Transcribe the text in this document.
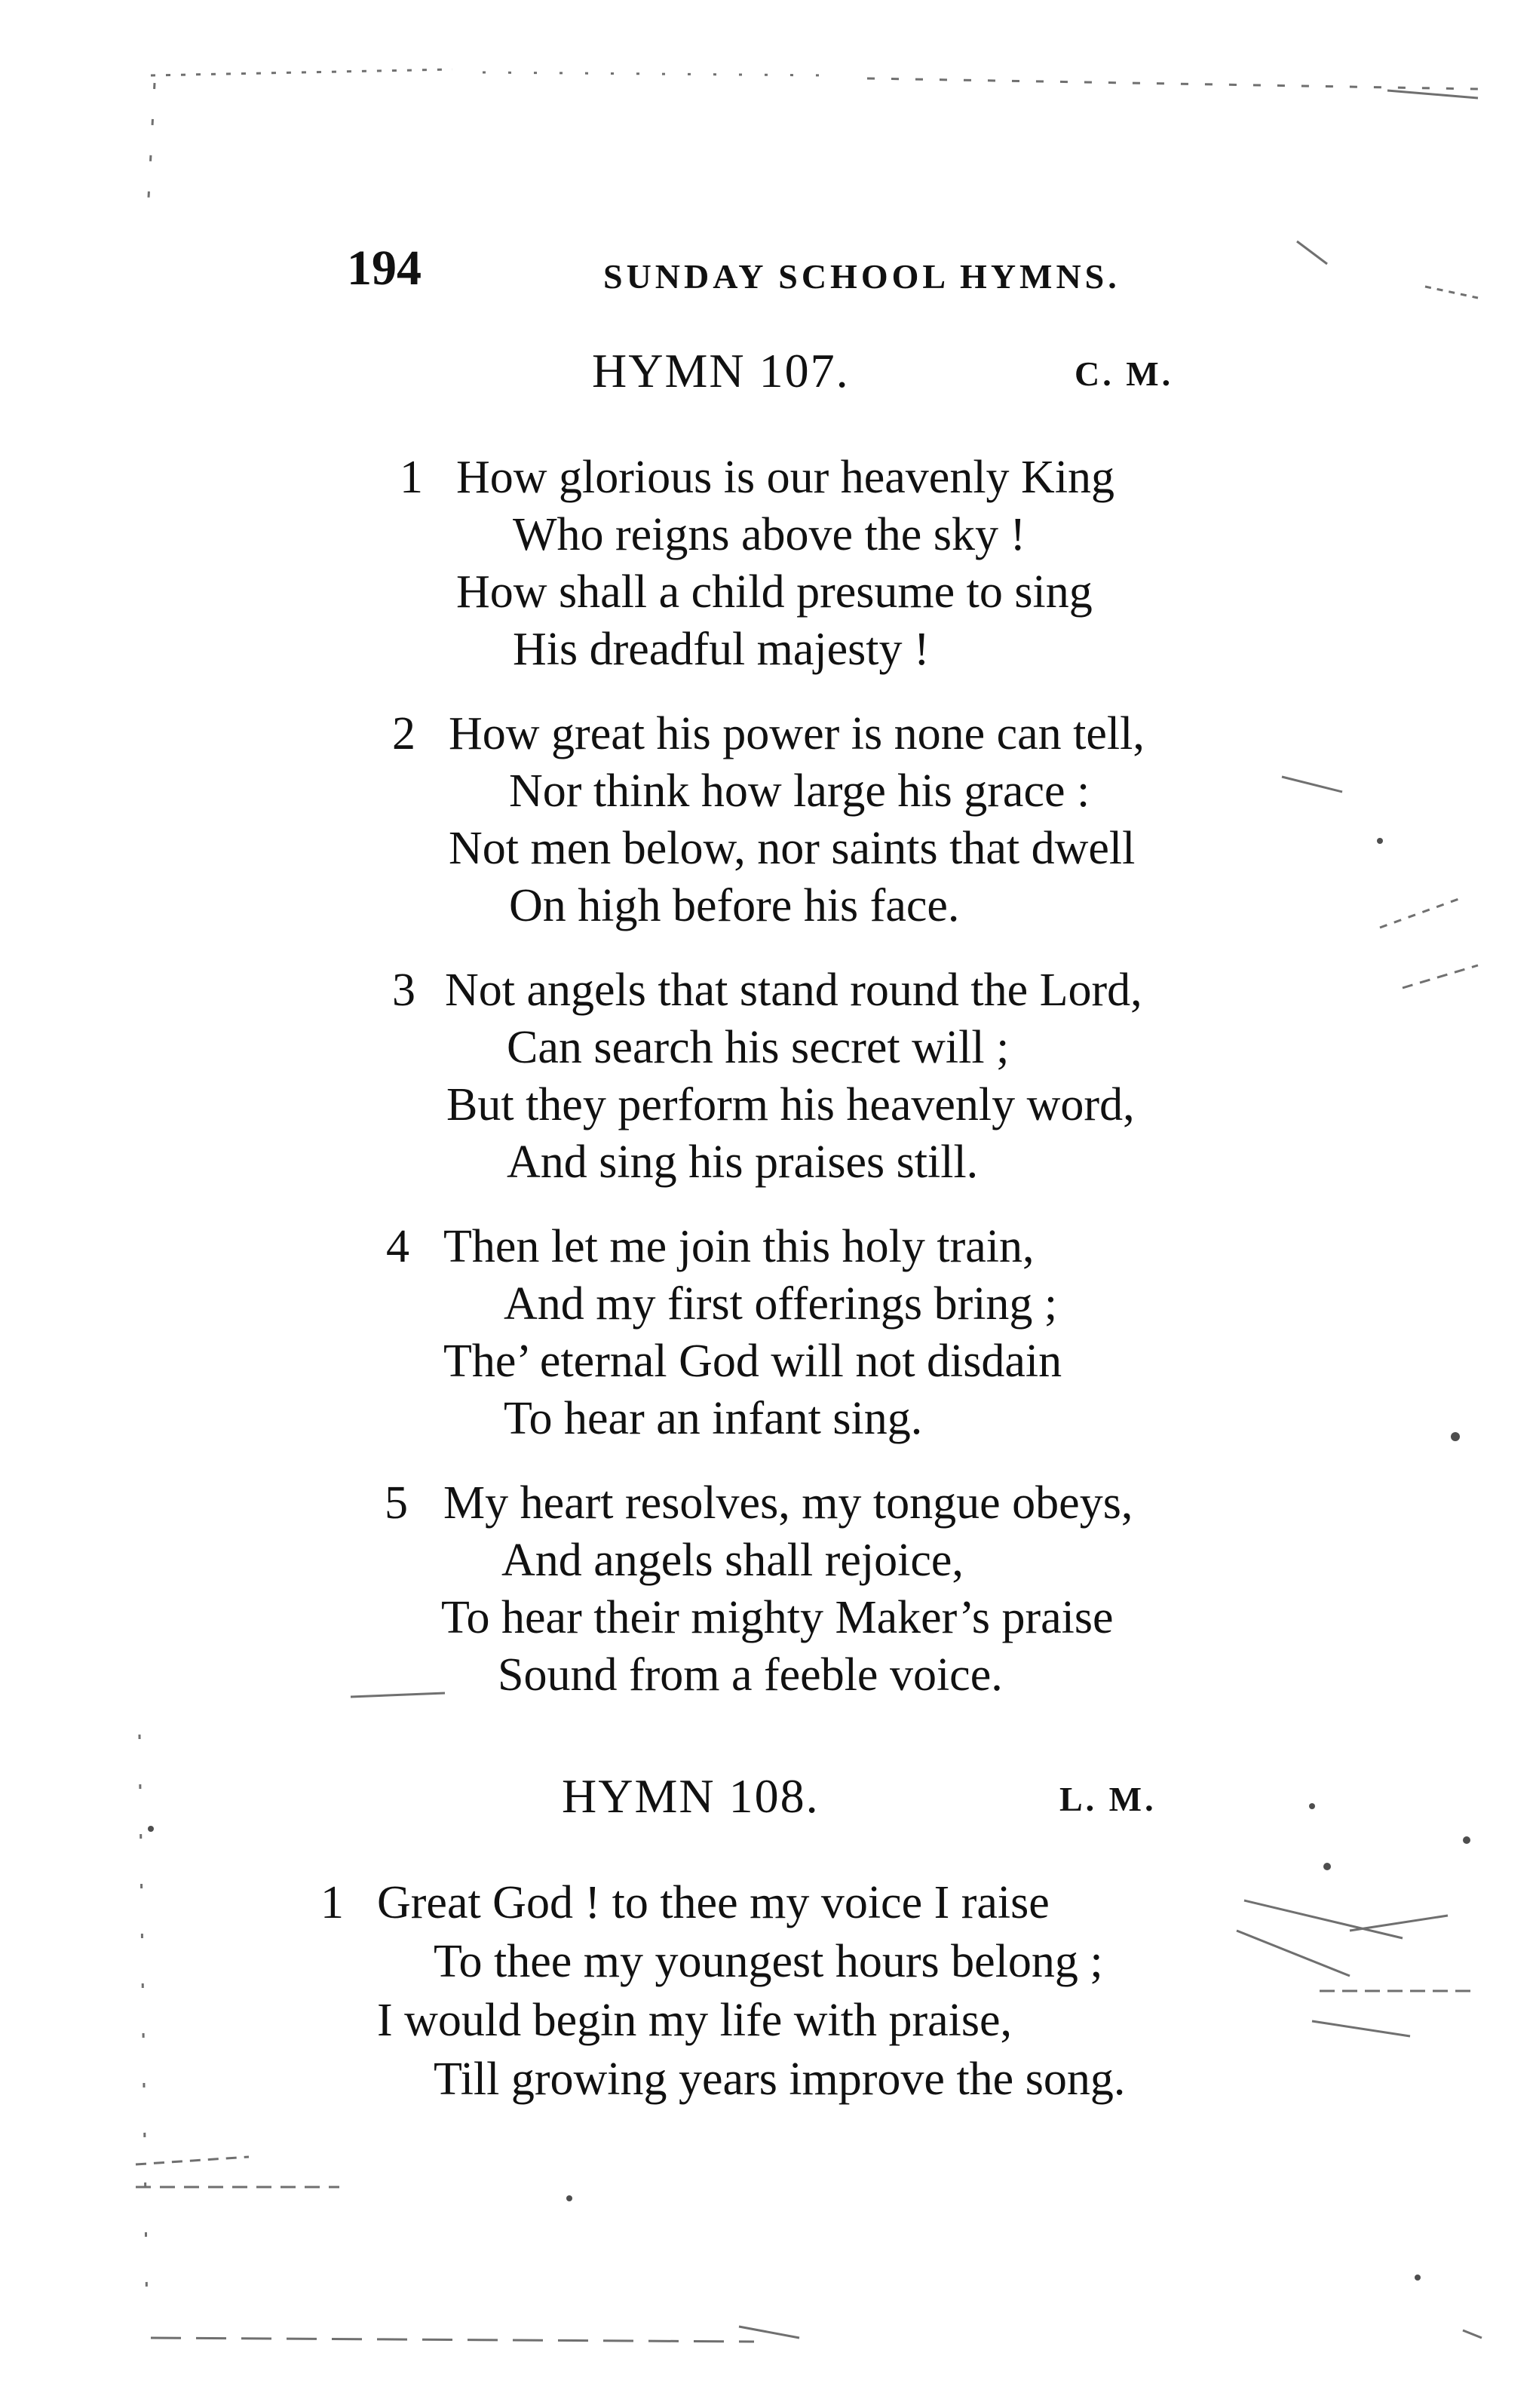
194	SUNDAY SCHOOL HYMNS.
HYMN 107.	C. M.
1 How glorious is our heavenly King
Who reigns above the sky !
How shall a child presume to sing
His dreadful majesty !
2 How great his power is none can tell,
Nor think how large his grace :
Not men below, nor saints that dwell
On high before his face.
3 Not angels that stand round the Lord,
Can search his secret will ;
But they perform his heavenly word,
And sing his praises still.
4 Then let me join this holy train,
And my first offerings bring ;
The’ eternal God will not disdain
To hear an infant sing.
5 My heart resolves, my tongue obeys,
And angels shall rejoice,
To hear their mighty Maker’s praise
Sound from a feeble voice.
HYMN 108.	L. M.
1 Great God ! to thee my voice I raise
To thee my youngest hours belong ;
I would begin my life with praise,
Till growing years improve the song.
